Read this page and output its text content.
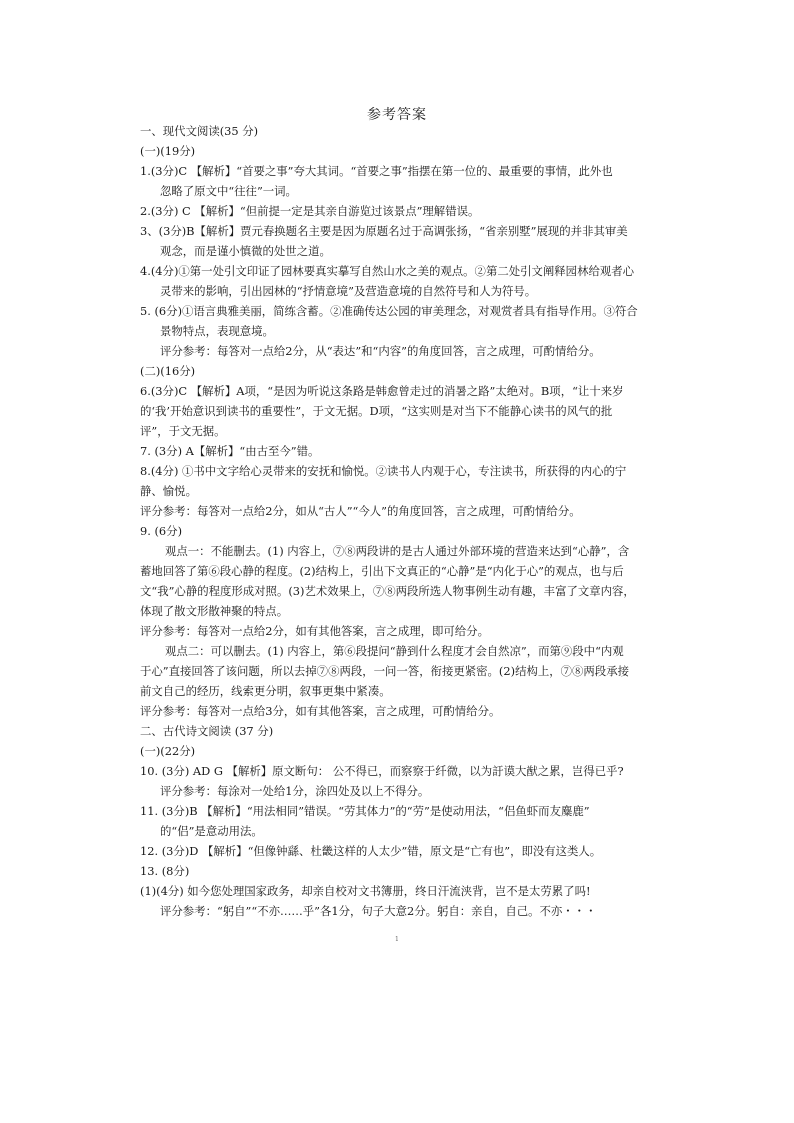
参考答案
一、现代文阅读(35 分)
(一)(19分)
1.(3分)C 【解析】“首要之事”夸大其词。“首要之事”指摆在第一位的、最重要的事情，此外也
忽略了原文中“往往”一词。
2.(3分) C 【解析】“但前提一定是其亲自游览过该景点”理解错误。
3、(3分)B【解析】贾元春换题名主要是因为原题名过于高调张扬，“省亲别墅”展现的并非其审美
观念，而是谨小慎微的处世之道。
4.(4分)①第一处引文印证了园林要真实摹写自然山水之美的观点。②第二处引文阐释园林给观者心
灵带来的影响，引出园林的“抒情意境”及营造意境的自然符号和人为符号。
5. (6分)①语言典雅美丽，简练含蓄。②准确传达公园的审美理念，对观赏者具有指导作用。③符合
景物特点，表现意境。
评分参考：每答对一点给2分，从“表达”和“内容”的角度回答，言之成理，可酌情给分。
(二)(16分)
6.(3分)C 【解析】A项，“是因为听说这条路是韩愈曾走过的消暑之路”太绝对。B项，“让十来岁
的‘我’开始意识到读书的重要性”，于文无据。D项，“这实则是对当下不能静心读书的风气的批
评”，于文无据。
7. (3分) A【解析】“由古至今”错。
8.(4分) ①书中文字给心灵带来的安抚和愉悦。②读书人内观于心，专注读书，所获得的内心的宁
静、愉悦。
评分参考：每答对一点给2分，如从“古人”“今人”的角度回答，言之成理，可酌情给分。
9. (6分)
观点一：不能删去。(1) 内容上，⑦⑧两段讲的是古人通过外部环境的营造来达到“心静”，含
蓄地回答了第⑥段心静的程度。(2)结构上，引出下文真正的“心静”是“内化于心”的观点，也与后
文“我”心静的程度形成对照。(3)艺术效果上，⑦⑧两段所选人物事例生动有趣，丰富了文章内容，
体现了散文形散神聚的特点。
评分参考：每答对一点给2分，如有其他答案，言之成理，即可给分。
观点二：可以删去。(1) 内容上，第⑥段提问“静到什么程度才会自然凉”，而第⑨段中“内观
于心”直接回答了该问题，所以去掉⑦⑧两段，一问一答，衔接更紧密。(2)结构上，⑦⑧两段承接
前文自己的经历，线索更分明，叙事更集中紧凑。
评分参考：每答对一点给3分，如有其他答案，言之成理，可酌情给分。
二、古代诗文阅读 (37 分)
(一)(22分)
10. (3分) AD G 【解析】原文断句： 公不得已，而察察于纤微，以为訏谟大猷之累，岂得已乎?
评分参考：每涂对一处给1分，涂四处及以上不得分。
11. (3分)B 【解析】“用法相同”错误。“劳其体力”的“劳”是使动用法，“侣鱼虾而友麋鹿”
的“侣”是意动用法。
12. (3分)D 【解析】“但像钟繇、杜畿这样的人太少”错，原文是“亡有也”，即没有这类人。
13. (8分)
(1)(4分) 如今您处理国家政务，却亲自校对文书簿册，终日汗流浃背，岂不是太劳累了吗!
评分参考：“躬自”“不亦……乎”各1分，句子大意2分。躬自：亲自，自己。不亦・・・
1
